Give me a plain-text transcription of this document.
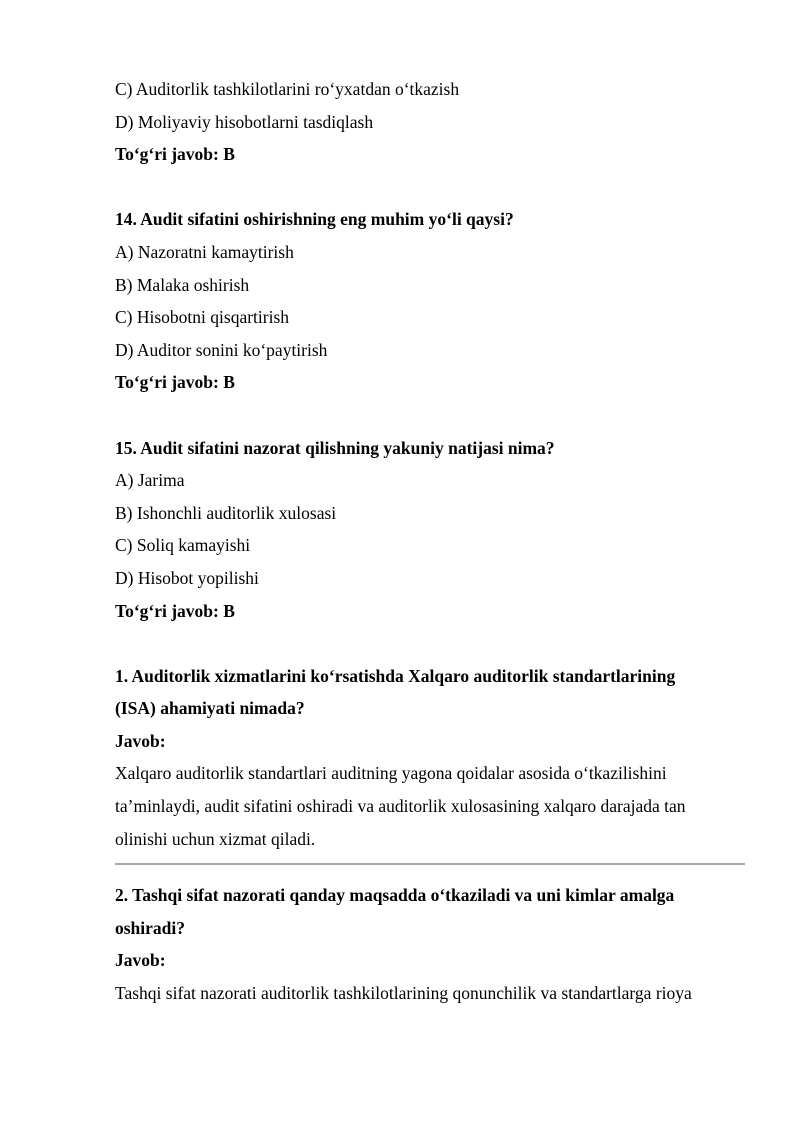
C) Auditorlik tashkilotlarini ro‘yxatdan o‘tkazish
D) Moliyaviy hisobotlarni tasdiqlash
To‘g‘ri javob: B
14. Audit sifatini oshirishning eng muhim yo‘li qaysi?
A) Nazoratni kamaytirish
B) Malaka oshirish
C) Hisobotni qisqartirish
D) Auditor sonini ko‘paytirish
To‘g‘ri javob: B
15. Audit sifatini nazorat qilishning yakuniy natijasi nima?
A) Jarima
B) Ishonchli auditorlik xulosasi
C) Soliq kamayishi
D) Hisobot yopilishi
To‘g‘ri javob: B
1. Auditorlik xizmatlarini ko‘rsatishda Xalqaro auditorlik standartlarining
(ISA) ahamiyati nimada?
Javob:
Xalqaro auditorlik standartlari auditning yagona qoidalar asosida o‘tkazilishini
ta’minlaydi, audit sifatini oshiradi va auditorlik xulosasining xalqaro darajada tan
olinishi uchun xizmat qiladi.
2. Tashqi sifat nazorati qanday maqsadda o‘tkaziladi va uni kimlar amalga
oshiradi?
Javob:
Tashqi sifat nazorati auditorlik tashkilotlarining qonunchilik va standartlarga rioya
